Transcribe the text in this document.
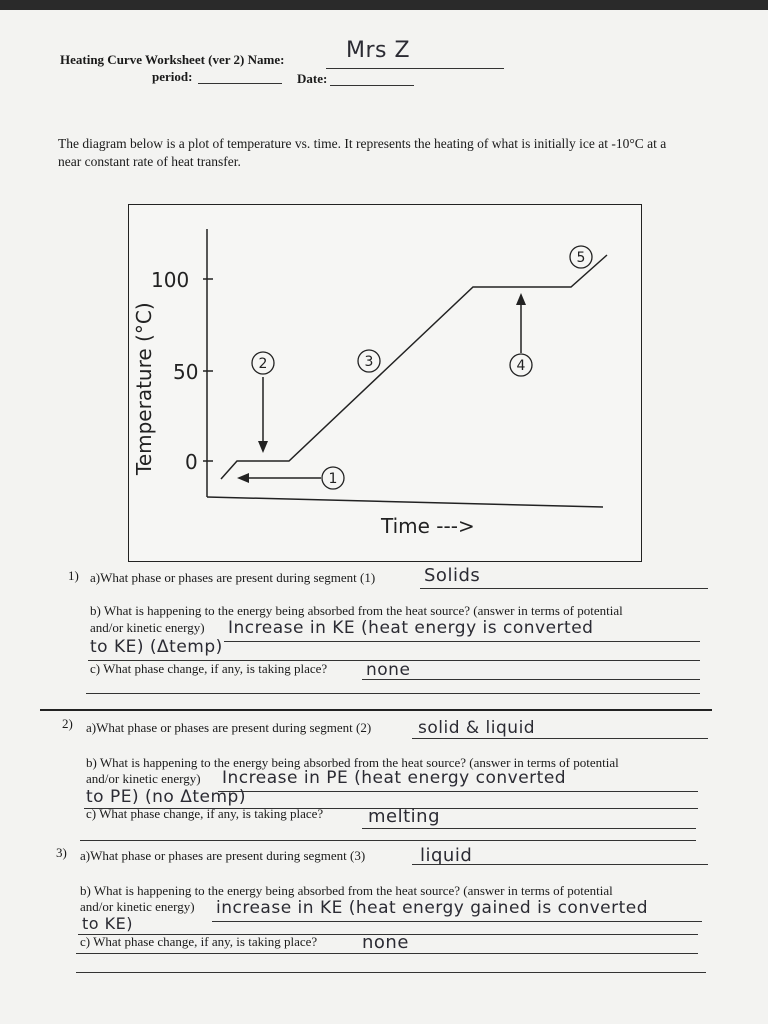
Heating Curve Worksheet (ver 2) Name:	Mrs Z
period:	Date:
The diagram below is a plot of temperature vs. time. It represents the heating of what is initially ice at -10°C at a
near constant rate of heat transfer.
100
50
0
Temperature (°C)
Time --->
1
2	3	4
5
1) a)What phase or phases are present during segment (1)	Solids
b) What is happening to the energy being absorbed from the heat source? (answer in terms of potential
and/or kinetic energy) Increase in KE (heat energy is converted
to KE) (Δtemp)
c) What phase change, if any, is taking place? none
2) a)What phase or phases are present during segment (2)	solid & liquid
b) What is happening to the energy being absorbed from the heat source? (answer in terms of potential
and/or kinetic energy) Increase in PE (heat energy converted
to PE) (no Δtemp)
c) What phase change, if any, is taking place? melting
3) a)What phase or phases are present during segment (3)	liquid
b) What is happening to the energy being absorbed from the heat source? (answer in terms of potential
and/or kinetic energy) increase in KE (heat energy gained is converted
to KE)
c) What phase change, if any, is taking place? none
